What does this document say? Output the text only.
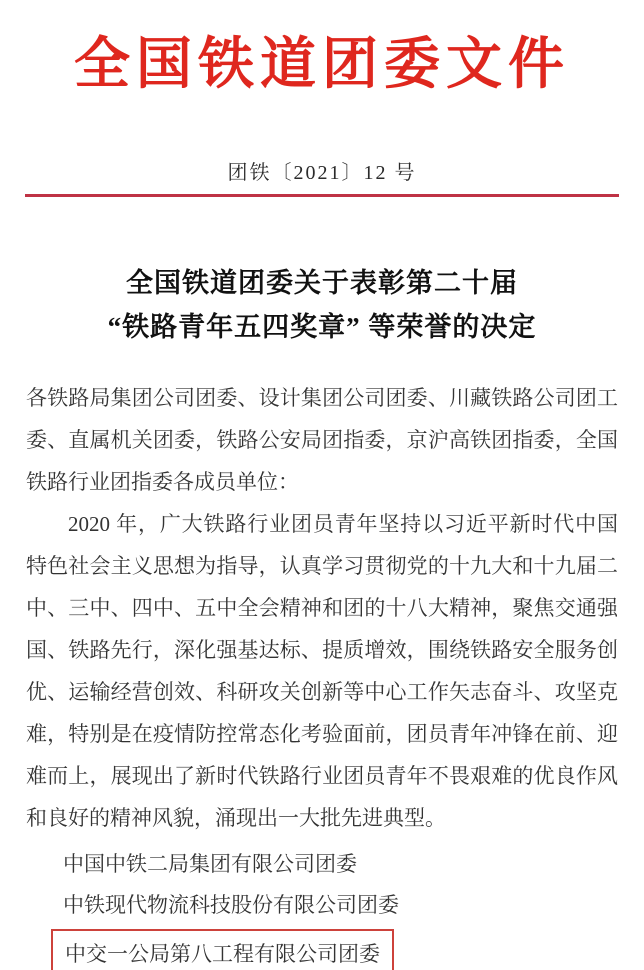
全国铁道团委文件
团铁〔2021〕12 号
全国铁道团委关于表彰第二十届
“铁路青年五四奖章” 等荣誉的决定
各铁路局集团公司团委、设计集团公司团委、川藏铁路公司团工委、直属机关团委，铁路公安局团指委，京沪高铁团指委，全国铁路行业团指委各成员单位：
2020 年，广大铁路行业团员青年坚持以习近平新时代中国特色社会主义思想为指导，认真学习贯彻党的十九大和十九届二中、三中、四中、五中全会精神和团的十八大精神，聚焦交通强国、铁路先行，深化强基达标、提质增效，围绕铁路安全服务创优、运输经营创效、科研攻关创新等中心工作矢志奋斗、攻坚克难，特别是在疫情防控常态化考验面前，团员青年冲锋在前、迎难而上，展现出了新时代铁路行业团员青年不畏艰难的优良作风和良好的精神风貌，涌现出一大批先进典型。
中国中铁二局集团有限公司团委
中铁现代物流科技股份有限公司团委
中交一公局第八工程有限公司团委
